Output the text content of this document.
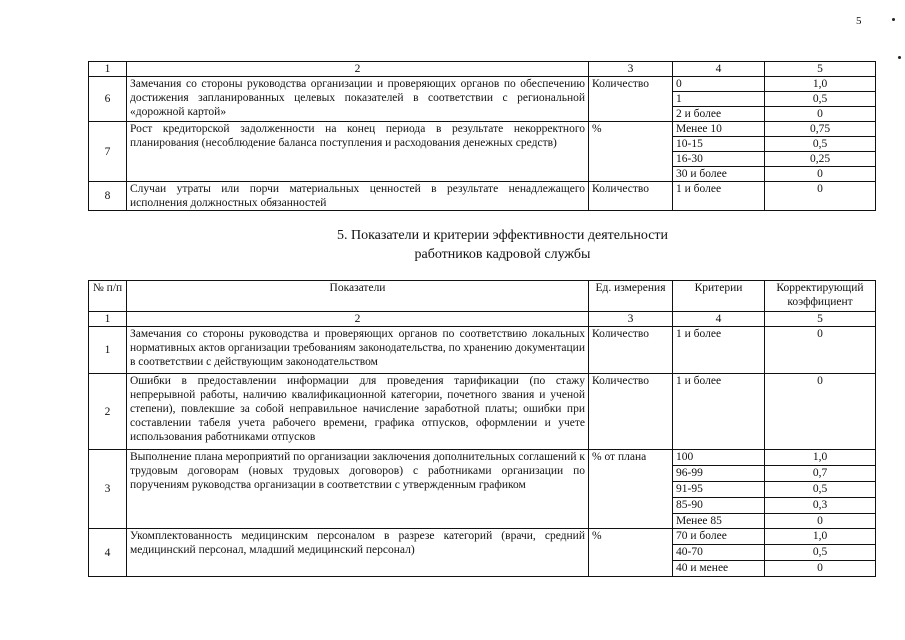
5
1	2	3	4	5
6	Замечания со стороны руководства организации и проверяющих органов по обеспечению достижения запланированных целевых показателей в соответствии с региональной «дорожной картой»	Количество	0	1,0
			1	0,5
			2 и более	0
7	Рост кредиторской задолженности на конец периода в результате некорректного планирования (несоблюдение баланса поступления и расходования денежных средств)	%	Менее 10	0,75
			10-15	0,5
			16-30	0,25
			30 и более	0
8	Случаи утраты или порчи материальных ценностей в результате ненадлежащего исполнения должностных обязанностей	Количество	1 и более	0
5. Показатели и критерии эффективности деятельности
работников кадровой службы
№ п/п	Показатели	Ед. измерения	Критерии	Корректирующий коэффициент
1	2	3	4	5
1	Замечания со стороны руководства и проверяющих органов по соответствию локальных нормативных актов организации требованиям законодательства, по хранению документации в соответствии с действующим законодательством	Количество	1 и более	0
2	Ошибки в предоставлении информации для проведения тарификации (по стажу непрерывной работы, наличию квалификационной категории, почетного звания и ученой степени), повлекшие за собой неправильное начисление заработной платы; ошибки при составлении табеля учета рабочего времени, графика отпусков, оформлении и учете использования работниками отпусков	Количество	1 и более	0
3	Выполнение плана мероприятий по организации заключения дополнительных соглашений к трудовым договорам (новых трудовых договоров) с работниками организации по поручениям руководства организации в соответствии с утвержденным графиком	% от плана	100	1,0
			96-99	0,7
			91-95	0,5
			85-90	0,3
			Менее 85	0
4	Укомплектованность медицинским персоналом в разрезе категорий (врачи, средний медицинский персонал, младший медицинский персонал)	%	70 и более	1,0
			40-70	0,5
			40 и менее	0
